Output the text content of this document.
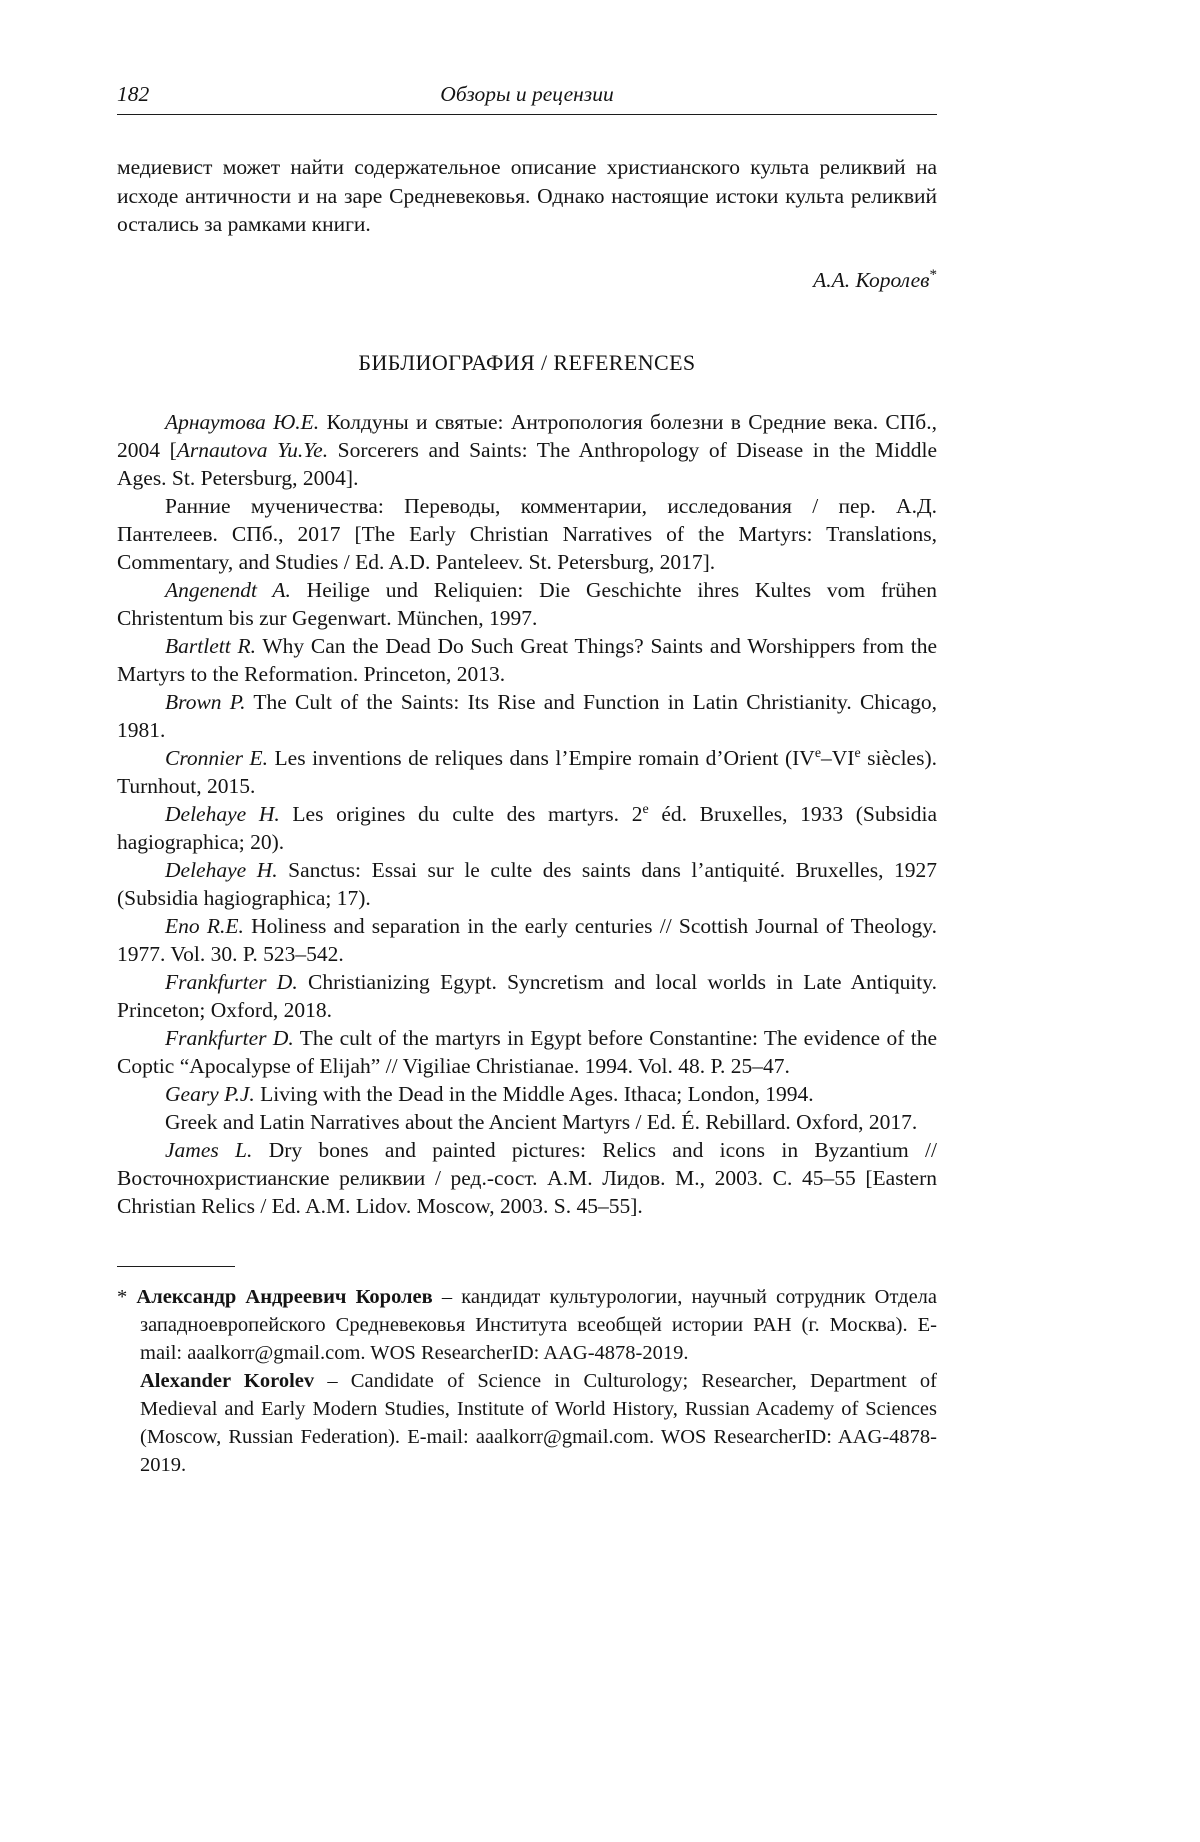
182	Обзоры и рецензии

медиевист может найти содержательное описание христианского культа реликвий на исходе античности и на заре Средневековья. Однако настоящие истоки культа реликвий остались за рамками книги.

А.А. Королев*

БИБЛИОГРАФИЯ / REFERENCES

Арнаутова Ю.Е. Колдуны и святые: Антропология болезни в Средние века. СПб., 2004 [Arnautova Yu.Ye. Sorcerers and Saints: The Anthropology of Disease in the Middle Ages. St. Petersburg, 2004].

Ранние мученичества: Переводы, комментарии, исследования / пер. А.Д. Пантелеев. СПб., 2017 [The Early Christian Narratives of the Martyrs: Translations, Commentary, and Studies / Ed. A.D. Panteleev. St. Petersburg, 2017].

Angenendt A. Heilige und Reliquien: Die Geschichte ihres Kultes vom frühen Christentum bis zur Gegenwart. München, 1997.

Bartlett R. Why Can the Dead Do Such Great Things? Saints and Worshippers from the Martyrs to the Reformation. Princeton, 2013.

Brown P. The Cult of the Saints: Its Rise and Function in Latin Christianity. Chicago, 1981.

Cronnier E. Les inventions de reliques dans l’Empire romain d’Orient (IVe–VIe siècles). Turnhout, 2015.

Delehaye H. Les origines du culte des martyrs. 2e éd. Bruxelles, 1933 (Subsidia hagiographica; 20).

Delehaye H. Sanctus: Essai sur le culte des saints dans l’antiquité. Bruxelles, 1927 (Subsidia hagiographica; 17).

Eno R.E. Holiness and separation in the early centuries // Scottish Journal of Theology. 1977. Vol. 30. P. 523–542.

Frankfurter D. Christianizing Egypt. Syncretism and local worlds in Late Antiquity. Princeton; Oxford, 2018.

Frankfurter D. The cult of the martyrs in Egypt before Constantine: The evidence of the Coptic “Apocalypse of Elijah” // Vigiliae Christianae. 1994. Vol. 48. P. 25–47.

Geary P.J. Living with the Dead in the Middle Ages. Ithaca; London, 1994.

Greek and Latin Narratives about the Ancient Martyrs / Ed. É. Rebillard. Oxford, 2017.

James L. Dry bones and painted pictures: Relics and icons in Byzantium // Восточнохристианские реликвии / ред.-сост. А.М. Лидов. М., 2003. С. 45–55 [Eastern Christian Relics / Ed. A.M. Lidov. Moscow, 2003. S. 45–55].

* Александр Андреевич Королев – кандидат культурологии, научный сотрудник Отдела западноевропейского Средневековья Института всеобщей истории РАН (г. Москва). E-mail: aaalkorr@gmail.com. WOS ResearcherID: AAG-4878-2019.

Alexander Korolev – Candidate of Science in Culturology; Researcher, Department of Medieval and Early Modern Studies, Institute of World History, Russian Academy of Sciences (Moscow, Russian Federation). E-mail: aaalkorr@gmail.com. WOS ResearcherID: AAG-4878-2019.
